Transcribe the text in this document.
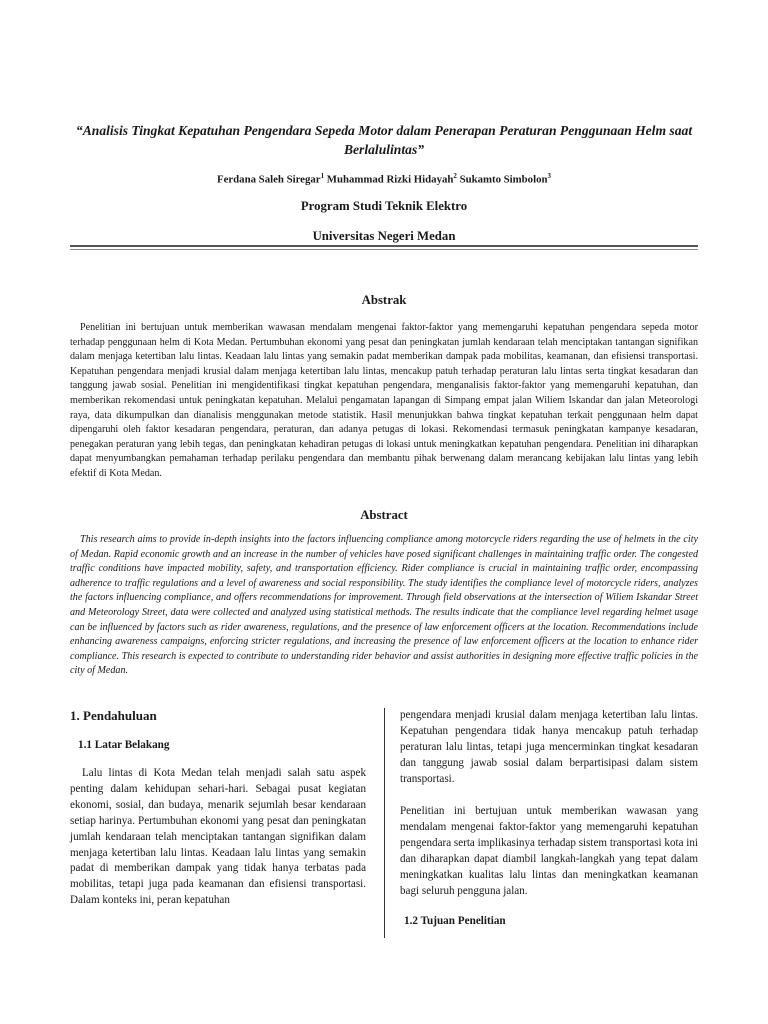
“Analisis Tingkat Kepatuhan Pengendara Sepeda Motor dalam Penerapan Peraturan Penggunaan Helm saat Berlalulintas”

Ferdana Saleh Siregar$^1$ Muhammad Rizki Hidayah$^2$ Sukamto Simbolon$^3$

Program Studi Teknik Elektro

Universitas Negeri Medan

Abstrak

Penelitian ini bertujuan untuk memberikan wawasan mendalam mengenai faktor-faktor yang memengaruhi kepatuhan pengendara sepeda motor terhadap penggunaan helm di Kota Medan. Pertumbuhan ekonomi yang pesat dan peningkatan jumlah kendaraan telah menciptakan tantangan signifikan dalam menjaga ketertiban lalu lintas. Keadaan lalu lintas yang semakin padat memberikan dampak pada mobilitas, keamanan, dan efisiensi transportasi. Kepatuhan pengendara menjadi krusial dalam menjaga ketertiban lalu lintas, mencakup patuh terhadap peraturan lalu lintas serta tingkat kesadaran dan tanggung jawab sosial. Penelitian ini mengidentifikasi tingkat kepatuhan pengendara, menganalisis faktor-faktor yang memengaruhi kepatuhan, dan memberikan rekomendasi untuk peningkatan kepatuhan. Melalui pengamatan lapangan di Simpang empat jalan Wiliem Iskandar dan jalan Meteorologi raya, data dikumpulkan dan dianalisis menggunakan metode statistik. Hasil menunjukkan bahwa tingkat kepatuhan terkait penggunaan helm dapat dipengaruhi oleh faktor kesadaran pengendara, peraturan, dan adanya petugas di lokasi. Rekomendasi termasuk peningkatan kampanye kesadaran, penegakan peraturan yang lebih tegas, dan peningkatan kehadiran petugas di lokasi untuk meningkatkan kepatuhan pengendara. Penelitian ini diharapkan dapat menyumbangkan pemahaman terhadap perilaku pengendara dan membantu pihak berwenang dalam merancang kebijakan lalu lintas yang lebih efektif di Kota Medan.

Abstract

This research aims to provide in-depth insights into the factors influencing compliance among motorcycle riders regarding the use of helmets in the city of Medan. Rapid economic growth and an increase in the number of vehicles have posed significant challenges in maintaining traffic order. The congested traffic conditions have impacted mobility, safety, and transportation efficiency. Rider compliance is crucial in maintaining traffic order, encompassing adherence to traffic regulations and a level of awareness and social responsibility. The study identifies the compliance level of motorcycle riders, analyzes the factors influencing compliance, and offers recommendations for improvement. Through field observations at the intersection of Wiliem Iskandar Street and Meteorology Street, data were collected and analyzed using statistical methods. The results indicate that the compliance level regarding helmet usage can be influenced by factors such as rider awareness, regulations, and the presence of law enforcement officers at the location. Recommendations include enhancing awareness campaigns, enforcing stricter regulations, and increasing the presence of law enforcement officers at the location to enhance rider compliance. This research is expected to contribute to understanding rider behavior and assist authorities in designing more effective traffic policies in the city of Medan.

1. Pendahuluan
1.1 Latar Belakang

Lalu lintas di Kota Medan telah menjadi salah satu aspek penting dalam kehidupan sehari-hari. Sebagai pusat kegiatan ekonomi, sosial, dan budaya, menarik sejumlah besar kendaraan setiap harinya. Pertumbuhan ekonomi yang pesat dan peningkatan jumlah kendaraan telah menciptakan tantangan signifikan dalam menjaga ketertiban lalu lintas. Keadaan lalu lintas yang semakin padat di memberikan dampak yang tidak hanya terbatas pada mobilitas, tetapi juga pada keamanan dan efisiensi transportasi. Dalam konteks ini, peran kepatuhan

pengendara menjadi krusial dalam menjaga ketertiban lalu lintas. Kepatuhan pengendara tidak hanya mencakup patuh terhadap peraturan lalu lintas, tetapi juga mencerminkan tingkat kesadaran dan tanggung jawab sosial dalam berpartisipasi dalam sistem transportasi.

Penelitian ini bertujuan untuk memberikan wawasan yang mendalam mengenai faktor-faktor yang memengaruhi kepatuhan pengendara serta implikasinya terhadap sistem transportasi kota ini dan diharapkan dapat diambil langkah-langkah yang tepat dalam meningkatkan kualitas lalu lintas dan meningkatkan keamanan bagi seluruh pengguna jalan.

1.2 Tujuan Penelitian
